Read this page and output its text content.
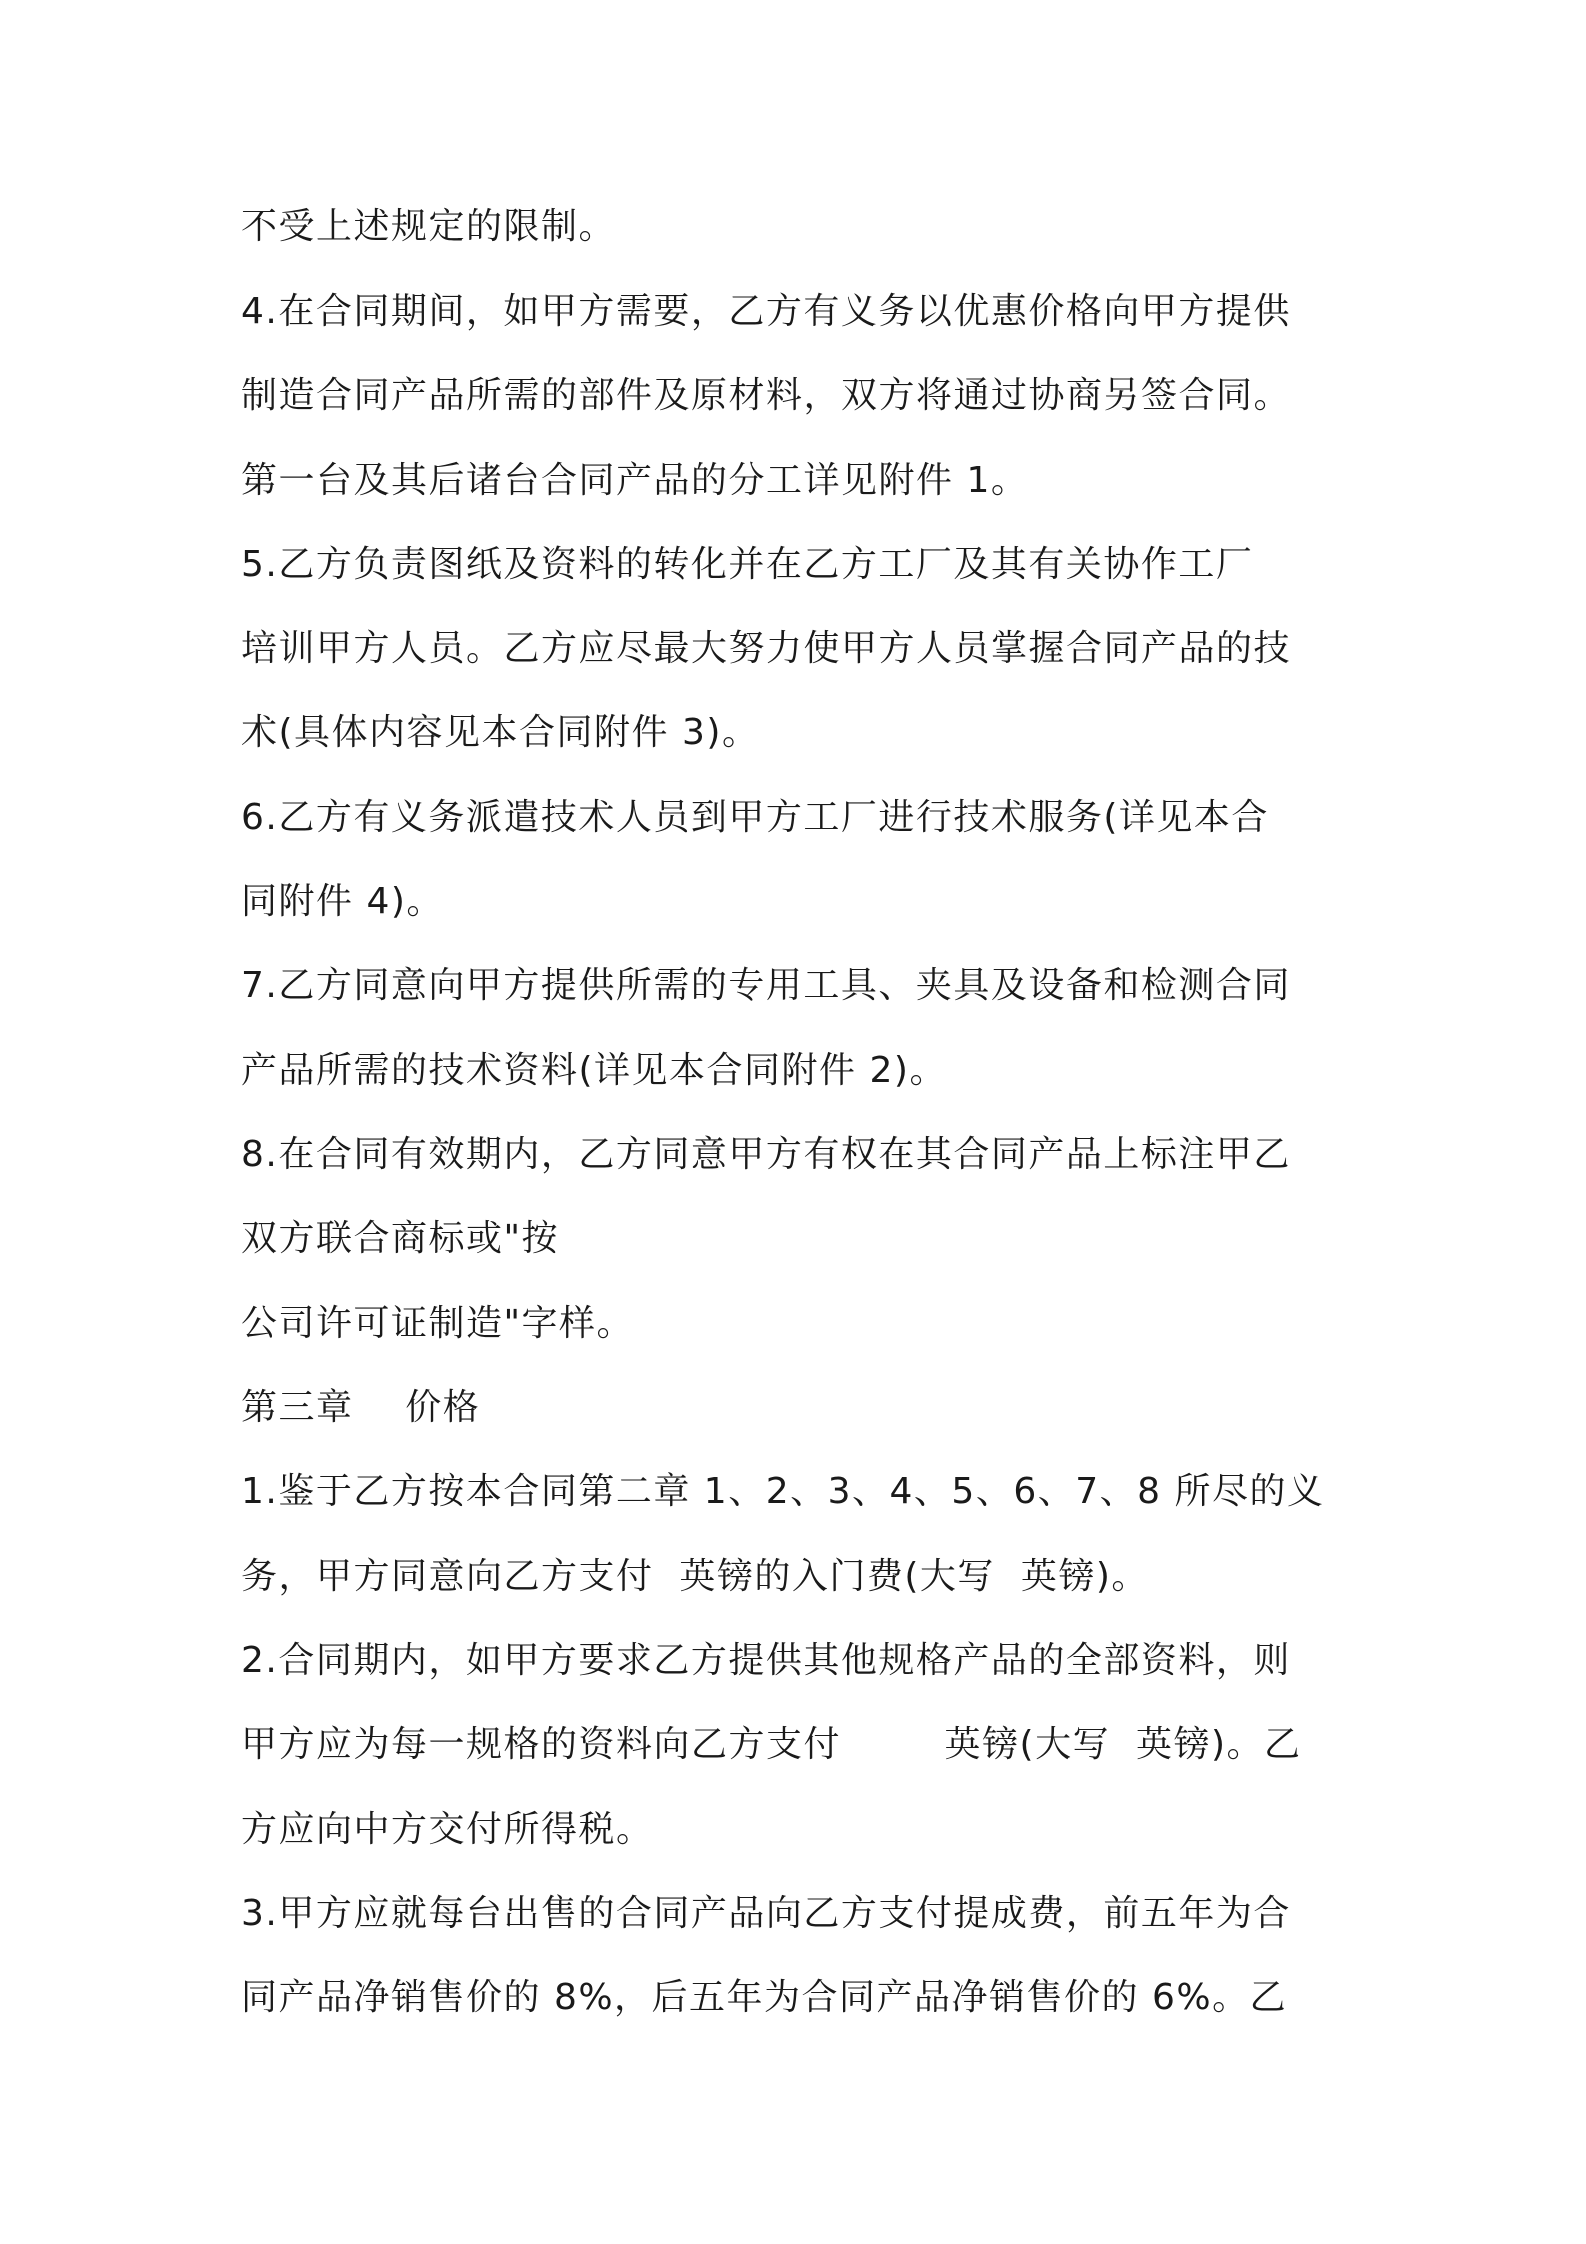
不受上述规定的限制。
4.在合同期间，如甲方需要，乙方有义务以优惠价格向甲方提供
制造合同产品所需的部件及原材料，双方将通过协商另签合同。
第一台及其后诸台合同产品的分工详见附件 1。
5.乙方负责图纸及资料的转化并在乙方工厂及其有关协作工厂
培训甲方人员。乙方应尽最大努力使甲方人员掌握合同产品的技
术(具体内容见本合同附件 3)。
6.乙方有义务派遣技术人员到甲方工厂进行技术服务(详见本合
同附件 4)。
7.乙方同意向甲方提供所需的专用工具、夹具及设备和检测合同
产品所需的技术资料(详见本合同附件 2)。
8.在合同有效期内，乙方同意甲方有权在其合同产品上标注甲乙
双方联合商标或"按
公司许可证制造"字样。
第三章    价格
1.鉴于乙方按本合同第二章 1、2、3、4、5、6、7、8 所尽的义
务，甲方同意向乙方支付  英镑的入门费(大写  英镑)。
2.合同期内，如甲方要求乙方提供其他规格产品的全部资料，则
甲方应为每一规格的资料向乙方支付        英镑(大写  英镑)。乙
方应向中方交付所得税。
3.甲方应就每台出售的合同产品向乙方支付提成费，前五年为合
同产品净销售价的 8%，后五年为合同产品净销售价的 6%。乙
